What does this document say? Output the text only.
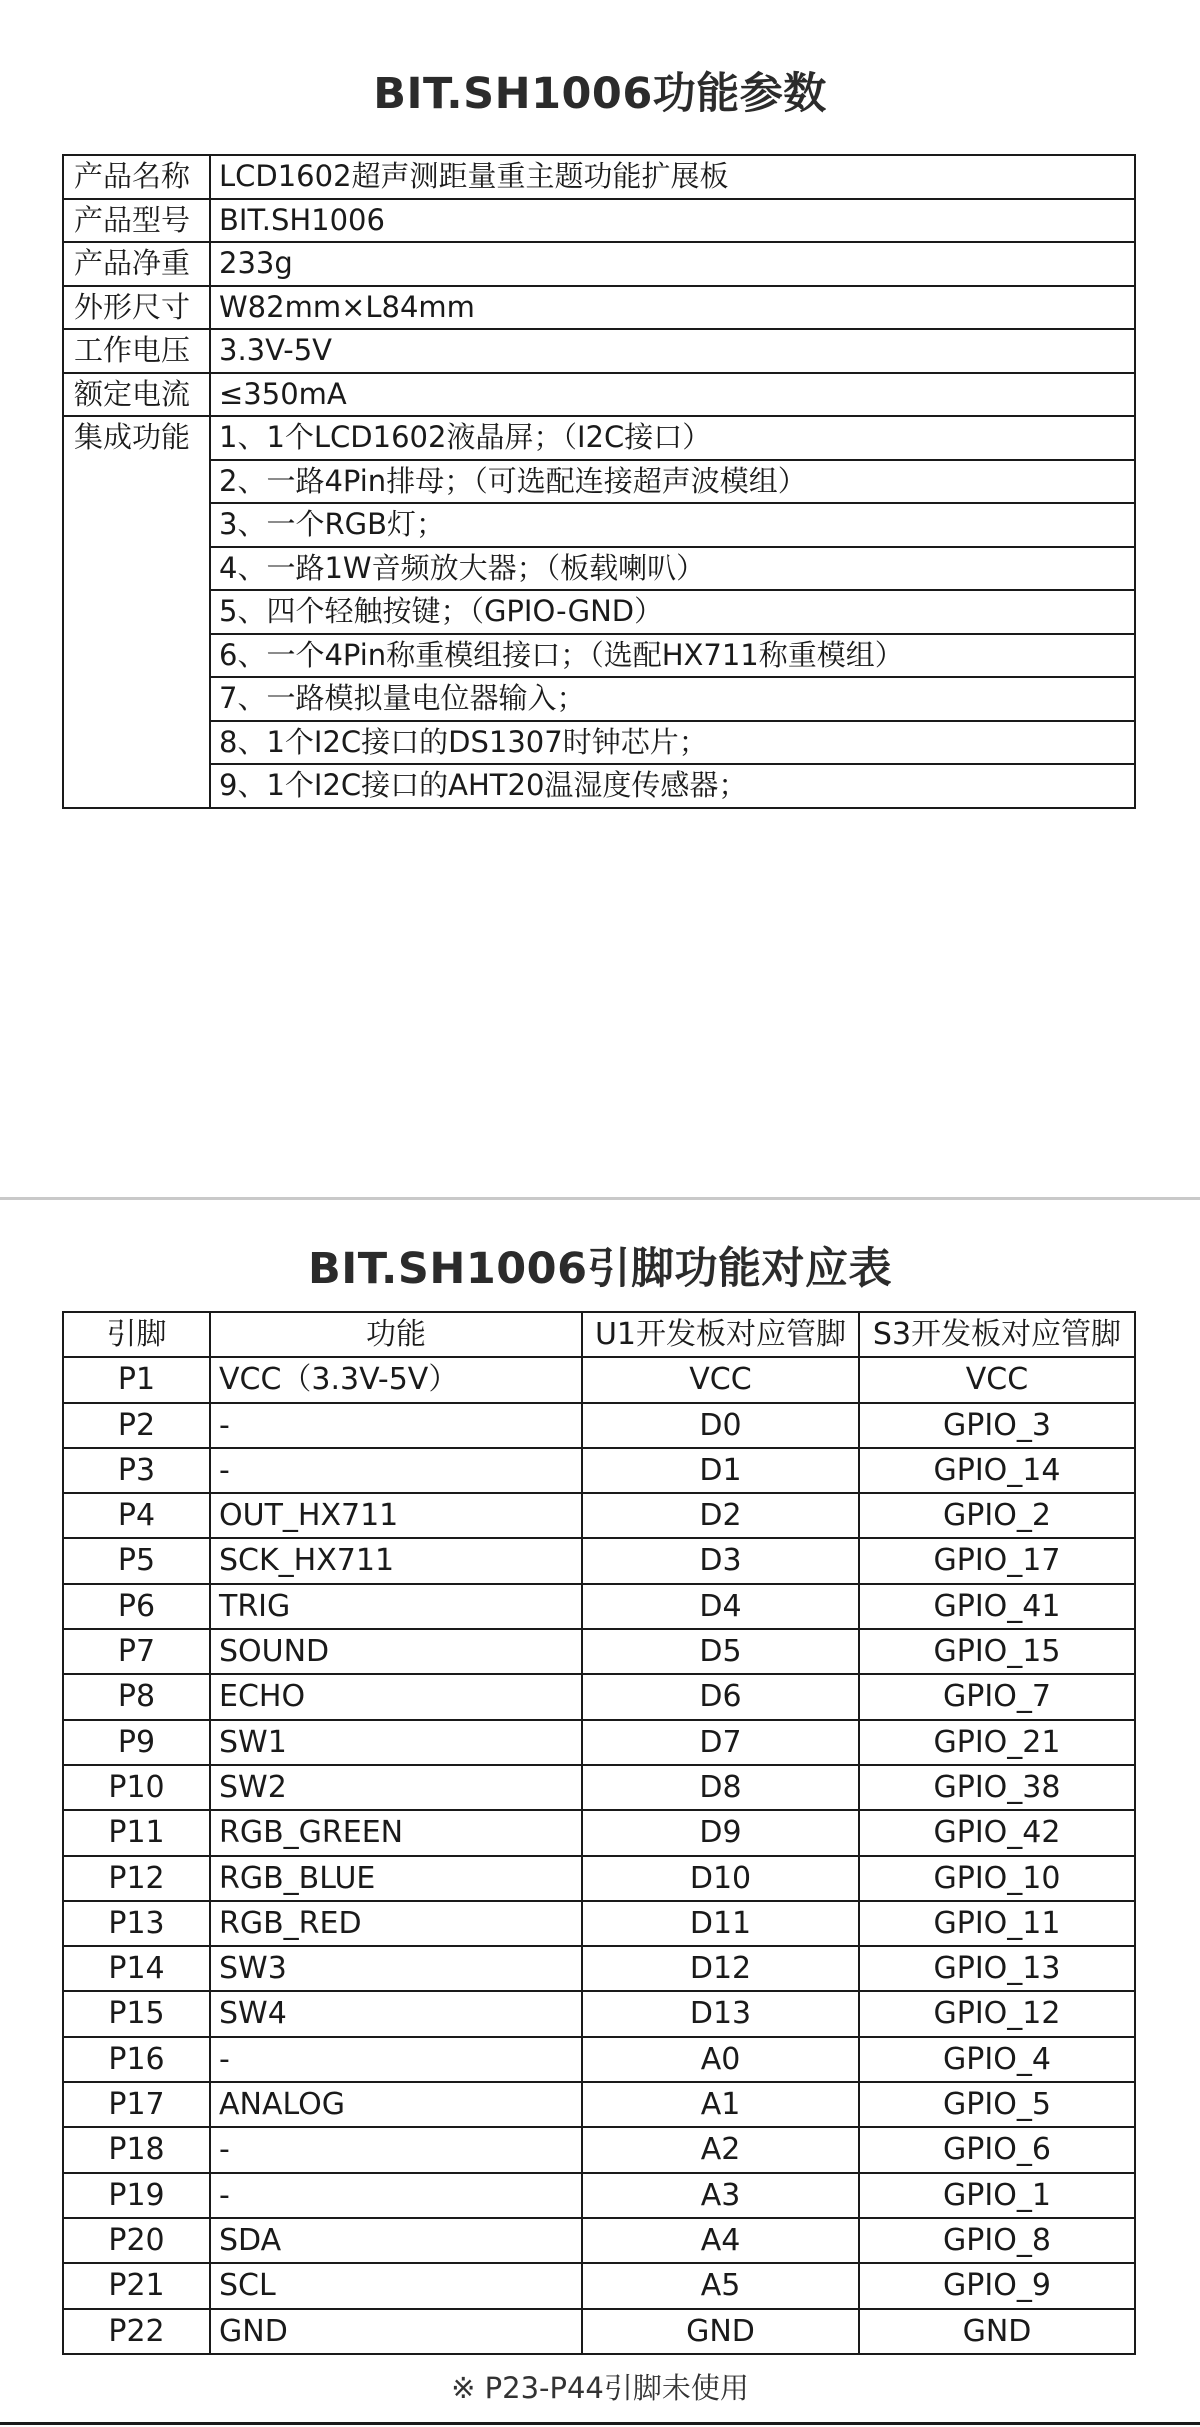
BIT.SH1006功能参数
产品名称	LCD1602超声测距量重主题功能扩展板
产品型号	BIT.SH1006
产品净重	233g
外形尺寸	W82mm×L84mm
工作电压	3.3V-5V
额定电流	≤350mA
集成功能	1、1个LCD1602液晶屏；（I2C接口）
	2、一路4Pin排母；（可选配连接超声波模组）
	3、一个RGB灯；
	4、一路1W音频放大器；（板载喇叭）
	5、四个轻触按键；（GPIO-GND）
	6、一个4Pin称重模组接口；（选配HX711称重模组）
	7、一路模拟量电位器输入；
	8、1个I2C接口的DS1307时钟芯片；
	9、1个I2C接口的AHT20温湿度传感器；
BIT.SH1006引脚功能对应表
引脚	功能	U1开发板对应管脚	S3开发板对应管脚
P1	VCC（3.3V-5V）	VCC	VCC
P2	-	D0	GPIO_3
P3	-	D1	GPIO_14
P4	OUT_HX711	D2	GPIO_2
P5	SCK_HX711	D3	GPIO_17
P6	TRIG	D4	GPIO_41
P7	SOUND	D5	GPIO_15
P8	ECHO	D6	GPIO_7
P9	SW1	D7	GPIO_21
P10	SW2	D8	GPIO_38
P11	RGB_GREEN	D9	GPIO_42
P12	RGB_BLUE	D10	GPIO_10
P13	RGB_RED	D11	GPIO_11
P14	SW3	D12	GPIO_13
P15	SW4	D13	GPIO_12
P16	-	A0	GPIO_4
P17	ANALOG	A1	GPIO_5
P18	-	A2	GPIO_6
P19	-	A3	GPIO_1
P20	SDA	A4	GPIO_8
P21	SCL	A5	GPIO_9
P22	GND	GND	GND
※ P23-P44引脚未使用
